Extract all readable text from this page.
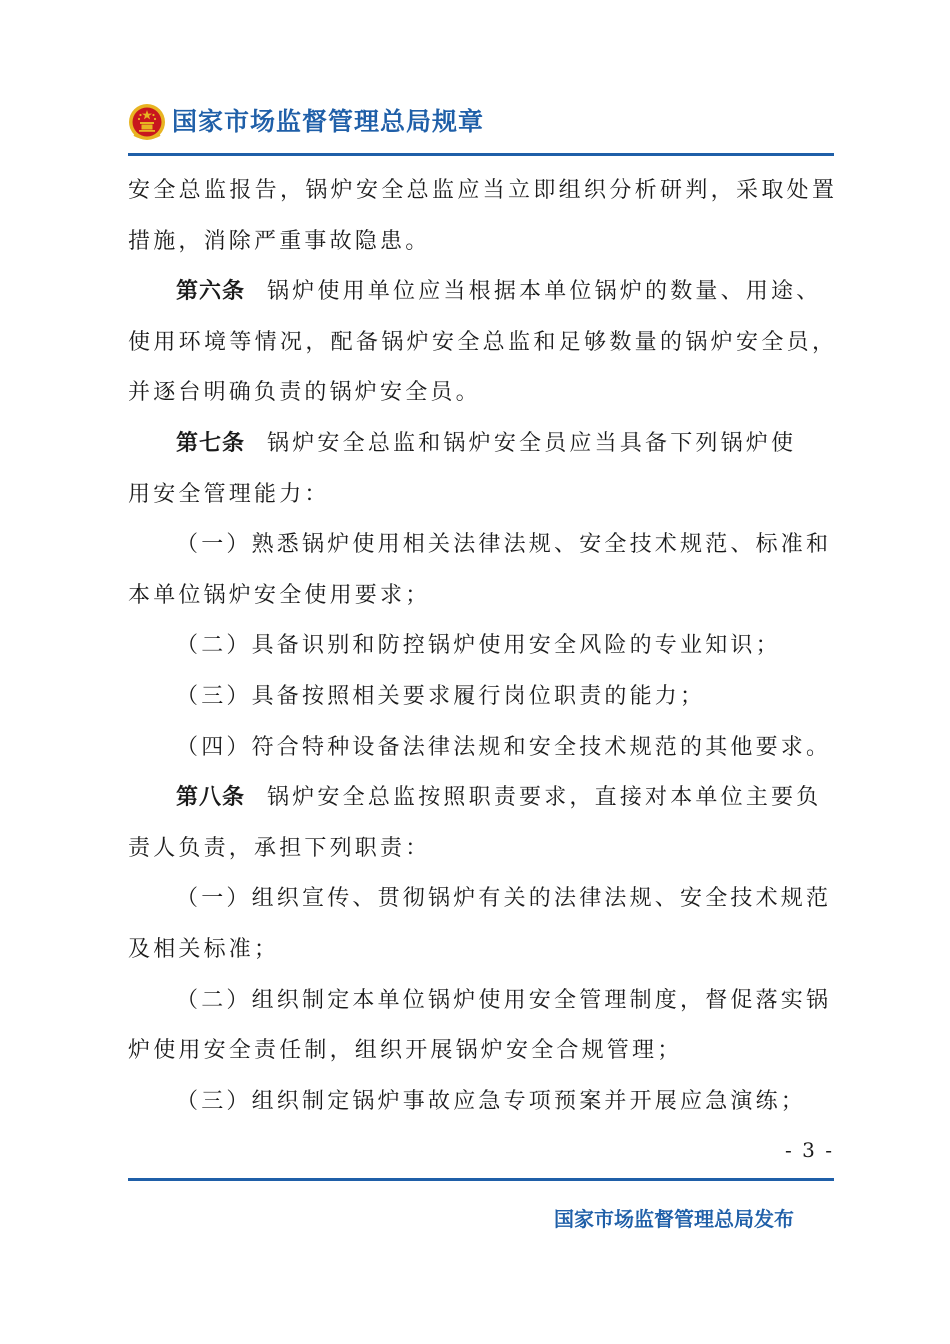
国家市场监督管理总局规章
安全总监报告，锅炉安全总监应当立即组织分析研判，采取处置
措施，消除严重事故隐患。
第六条 锅炉使用单位应当根据本单位锅炉的数量、用途、
使用环境等情况，配备锅炉安全总监和足够数量的锅炉安全员，
并逐台明确负责的锅炉安全员。
第七条 锅炉安全总监和锅炉安全员应当具备下列锅炉使
用安全管理能力：
（一）熟悉锅炉使用相关法律法规、安全技术规范、标准和
本单位锅炉安全使用要求；
（二）具备识别和防控锅炉使用安全风险的专业知识；
（三）具备按照相关要求履行岗位职责的能力；
（四）符合特种设备法律法规和安全技术规范的其他要求。
第八条 锅炉安全总监按照职责要求，直接对本单位主要负
责人负责，承担下列职责：
（一）组织宣传、贯彻锅炉有关的法律法规、安全技术规范
及相关标准；
（二）组织制定本单位锅炉使用安全管理制度，督促落实锅
炉使用安全责任制，组织开展锅炉安全合规管理；
（三）组织制定锅炉事故应急专项预案并开展应急演练；
- 3 -
国家市场监督管理总局发布
